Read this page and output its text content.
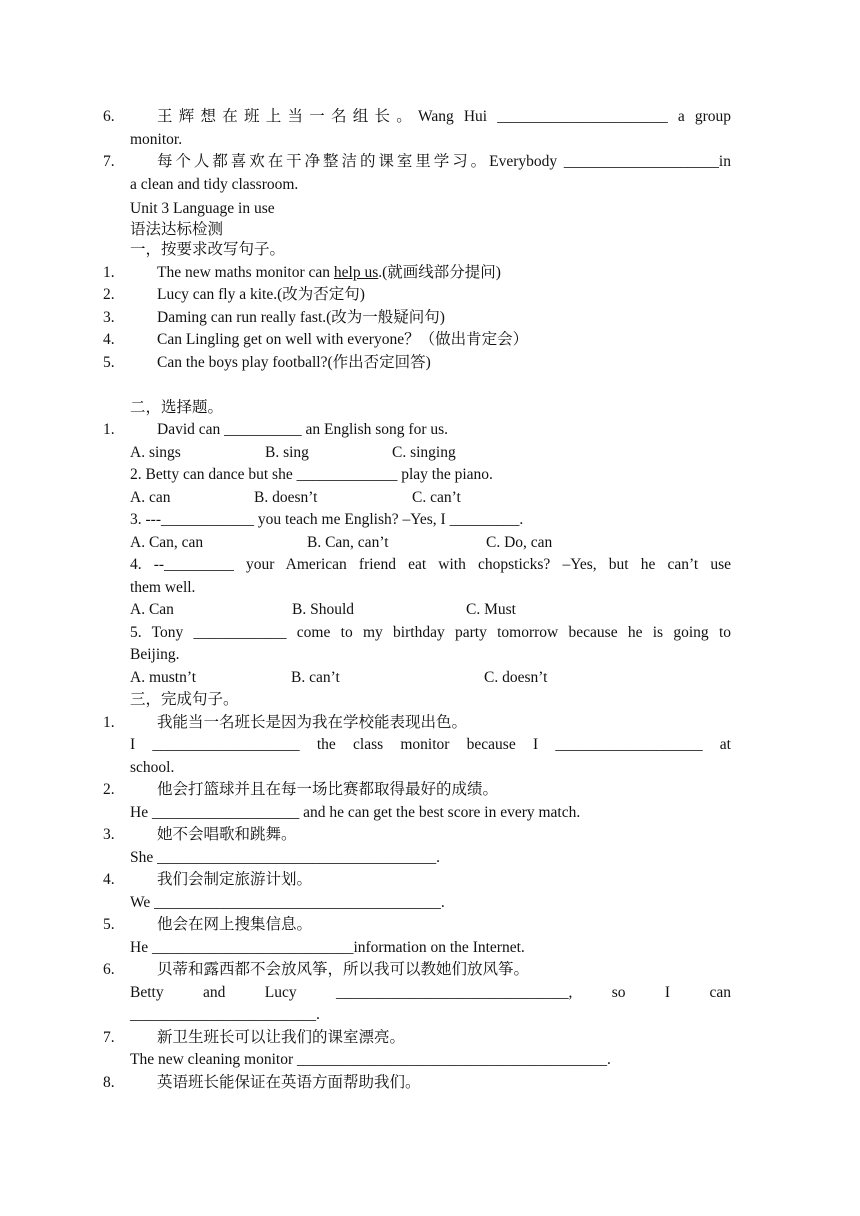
6.	王辉想在班上当一名组长。Wang Hui ______________________ a group
monitor.
7.	每个人都喜欢在干净整洁的课室里学习。Everybody ____________________in
a clean and tidy classroom.
Unit 3 Language in use
语法达标检测
一，按要求改写句子。
1.	The new maths monitor can help us.(就画线部分提问)
2.	Lucy can fly a kite.(改为否定句)
3.	Daming can run really fast.(改为一般疑问句)
4.	Can Lingling get on well with everyone？（做出肯定会）
5.	Can the boys play football?(作出否定回答)
二，选择题。
1.	David can __________ an English song for us.
A. sings	B. sing	C. singing
2. Betty can dance but she _____________ play the piano.
A. can	B. doesn’t	C. can’t
3. ---____________ you teach me English? –Yes, I _________.
A. Can, can	B. Can, can’t	C. Do, can
4. --_________ your American friend eat with chopsticks? –Yes, but he can’t use
them well.
A. Can	B. Should	C. Must
5. Tony ____________ come to my birthday party tomorrow because he is going to
Beijing.
A. mustn’t	B. can’t	C. doesn’t
三，完成句子。
1.	我能当一名班长是因为我在学校能表现出色。
I ___________________ the class monitor because I ___________________ at
school.
2.	他会打篮球并且在每一场比赛都取得最好的成绩。
He ___________________ and he can get the best score in every match.
3.	她不会唱歌和跳舞。
She ____________________________________.
4.	我们会制定旅游计划。
We _____________________________________.
5.	他会在网上搜集信息。
He __________________________information on the Internet.
6.	贝蒂和露西都不会放风筝，所以我可以教她们放风筝。
Betty and Lucy ______________________________, so I can
________________________.
7.	新卫生班长可以让我们的课室漂亮。
The new cleaning monitor ________________________________________.
8.	英语班长能保证在英语方面帮助我们。
